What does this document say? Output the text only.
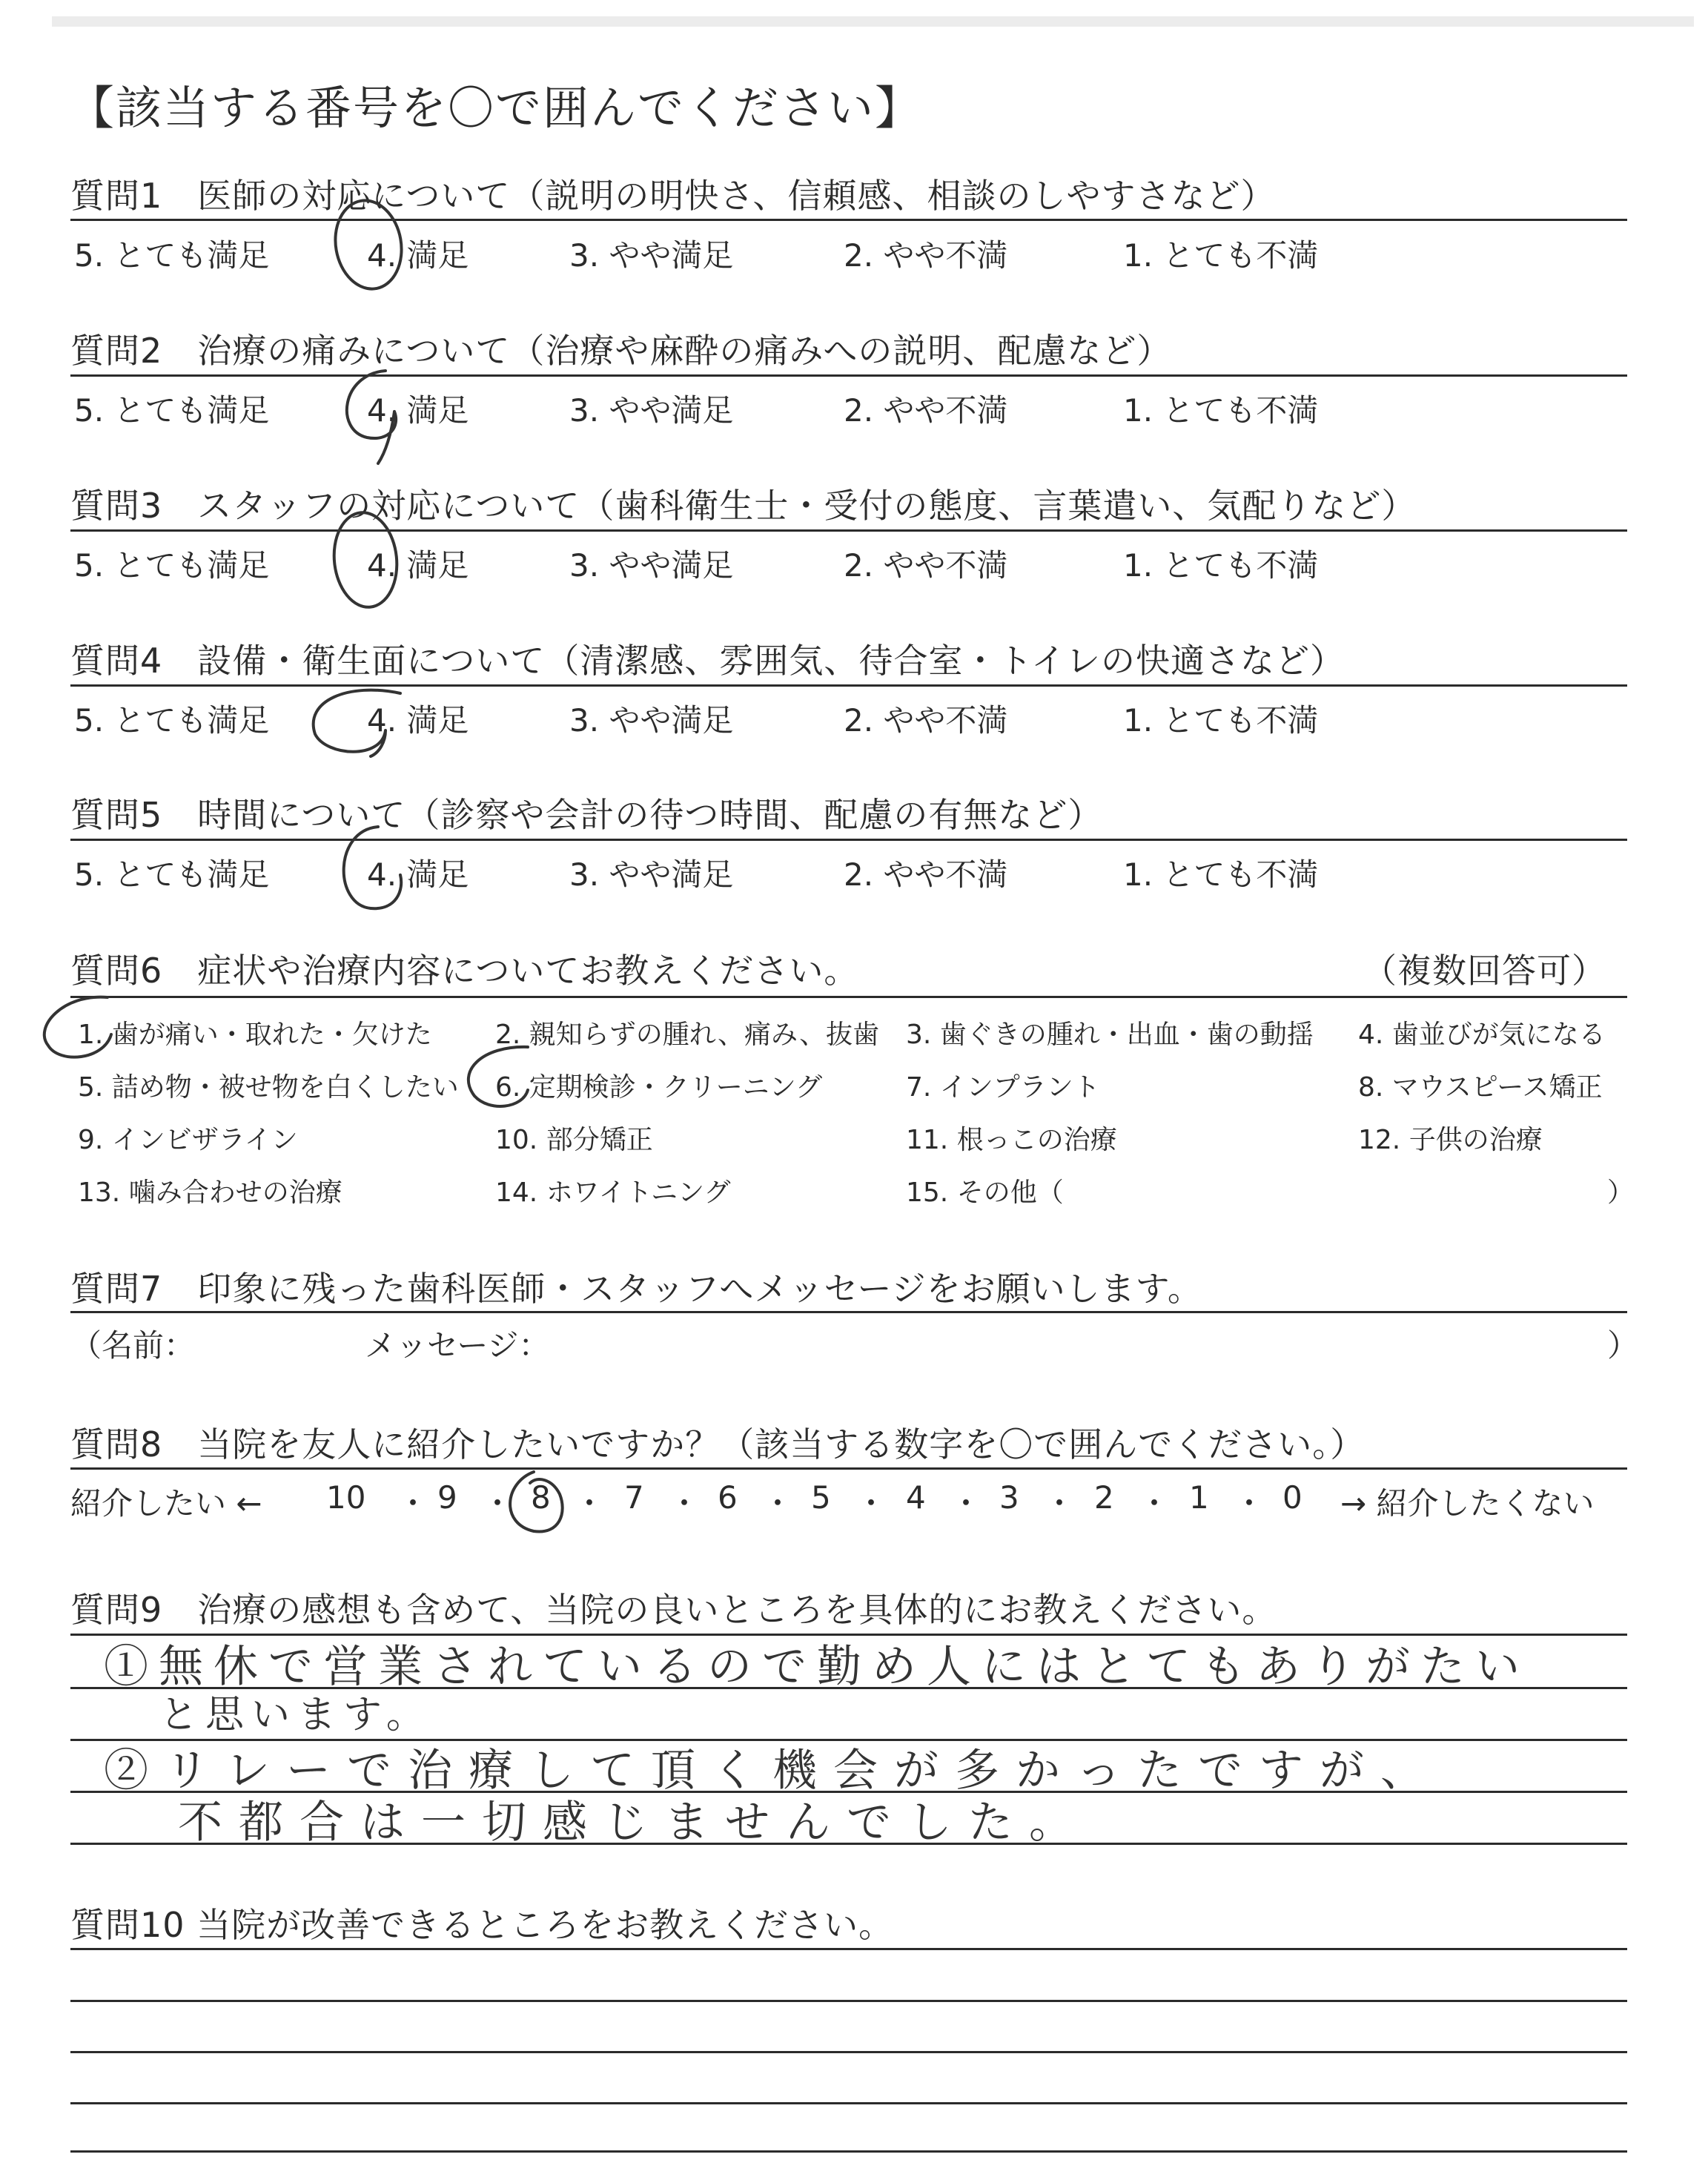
【該当する番号を〇で囲んでください】
質問1　医師の対応について（説明の明快さ、信頼感、相談のしやすさなど）
5. とても満足	4. 満足	3. やや満足	2. やや不満	1. とても不満
質問2　治療の痛みについて（治療や麻酔の痛みへの説明、配慮など）
5. とても満足	4. 満足	3. やや満足	2. やや不満	1. とても不満
質問3　スタッフの対応について（歯科衛生士・受付の態度、言葉遣い、気配りなど）
5. とても満足	4. 満足	3. やや満足	2. やや不満	1. とても不満
質問4　設備・衛生面について（清潔感、雰囲気、待合室・トイレの快適さなど）
5. とても満足	4. 満足	3. やや満足	2. やや不満	1. とても不満
質問5　時間について（診察や会計の待つ時間、配慮の有無など）
5. とても満足	4. 満足	3. やや満足	2. やや不満	1. とても不満
質問6　症状や治療内容についてお教えください。	（複数回答可）
1. 歯が痛い・取れた・欠けた 2. 親知らずの腫れ、痛み、抜歯 3. 歯ぐきの腫れ・出血・歯の動揺 4. 歯並びが気になる
5. 詰め物・被せ物を白くしたい 6. 定期検診・クリーニング	7. インプラント	8. マウスピース矯正
9. インビザライン	10. 部分矯正	11. 根っこの治療	12. 子供の治療
13. 噛み合わせの治療	14. ホワイトニング	15. その他（	）
質問7　印象に残った歯科医師・スタッフへメッセージをお願いします。
（名前：	メッセージ：	）
質問8　当院を友人に紹介したいですか？（該当する数字を〇で囲んでください。）
紹介したい ←	→ 紹介したくない
10 ・ 9 ・ 8 ・ 7 ・ 6 ・ 5 ・ 4 ・ 3 ・ 2 ・ 1 ・ 0
質問9　治療の感想も含めて、当院の良いところを具体的にお教えください。
①無休で営業されているので勤め人にはとてもありがたい
と思います。
②リレーで治療して頂く機会が多かったですが、
不都合は一切感じませんでした。
質問10 当院が改善できるところをお教えください。
